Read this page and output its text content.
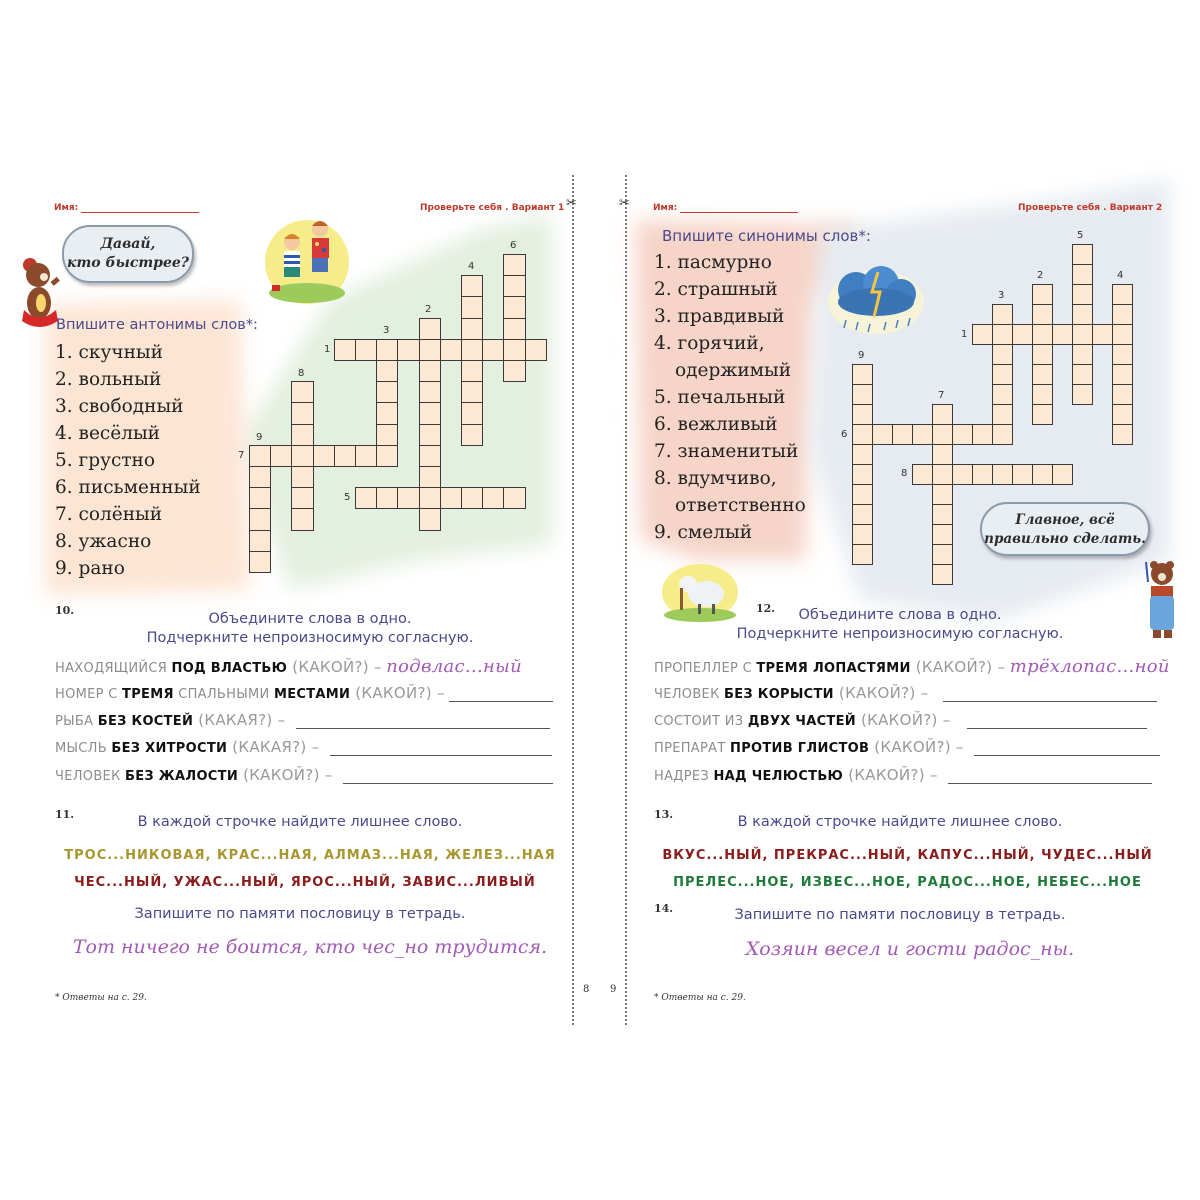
✂	✂
8 9
Имя:	Проверьте себя . Вариант 1
Давай,
кто быстрее?
Впишите антонимы слов*:
1. скучный
2. вольный
3. свободный
4. весёлый
5. грустно
6. письменный
7. солёный
8. ужасно
9. рано
1
2
3
4
5
6
7
8
9
10.
Объедините слова в одно.
Подчеркните непроизносимую согласную.
НАХОДЯЩИЙСЯ ПОД ВЛАСТЬЮ (КАКОЙ?) – подвлас...ный
НОМЕР С ТРЕМЯ СПАЛЬНЫМИ МЕСТАМИ (КАКОЙ?) –
РЫБА БЕЗ КОСТЕЙ (КАКАЯ?) –
МЫСЛЬ БЕЗ ХИТРОСТИ (КАКАЯ?) –
ЧЕЛОВЕК БЕЗ ЖАЛОСТИ (КАКОЙ?) –
11.	В каждой строчке найдите лишнее слово.
ТРОС...НИКОВАЯ, КРАС...НАЯ, АЛМАЗ...НАЯ, ЖЕЛЕЗ...НАЯ
ЧЕС...НЫЙ, УЖАС...НЫЙ, ЯРОС...НЫЙ, ЗАВИС...ЛИВЫЙ
Запишите по памяти пословицу в тетрадь.
Тот ничего не боится, кто чес_но трудится.
* Ответы на с. 29.
Имя:	Проверьте себя . Вариант 2
Впишите синонимы слов*:
1. пасмурно
2. страшный
3. правдивый
4. горячий,
одержимый
5. печальный
6. вежливый
7. знаменитый
8. вдумчиво,
ответственно
9. смелый
1
2
3
4
5
6
7
8
9
Главное, всё
правильно сделать.
12.	Объедините слова в одно.
Подчеркните непроизносимую согласную.
ПРОПЕЛЛЕР С ТРЕМЯ ЛОПАСТЯМИ (КАКОЙ?) – трёхлопас...ной
ЧЕЛОВЕК БЕЗ КОРЫСТИ (КАКОЙ?) –
СОСТОИТ ИЗ ДВУХ ЧАСТЕЙ (КАКОЙ?) –
ПРЕПАРАТ ПРОТИВ ГЛИСТОВ (КАКОЙ?) –
НАДРЕЗ НАД ЧЕЛЮСТЬЮ (КАКОЙ?) –
13.	В каждой строчке найдите лишнее слово.
ВКУС...НЫЙ, ПРЕКРАС...НЫЙ, КАПУС...НЫЙ, ЧУДЕС...НЫЙ
ПРЕЛЕС...НОЕ, ИЗВЕС...НОЕ, РАДОС...НОЕ, НЕБЕС...НОЕ
14.	Запишите по памяти пословицу в тетрадь.
Хозяин весел и гости радос_ны.
* Ответы на с. 29.
